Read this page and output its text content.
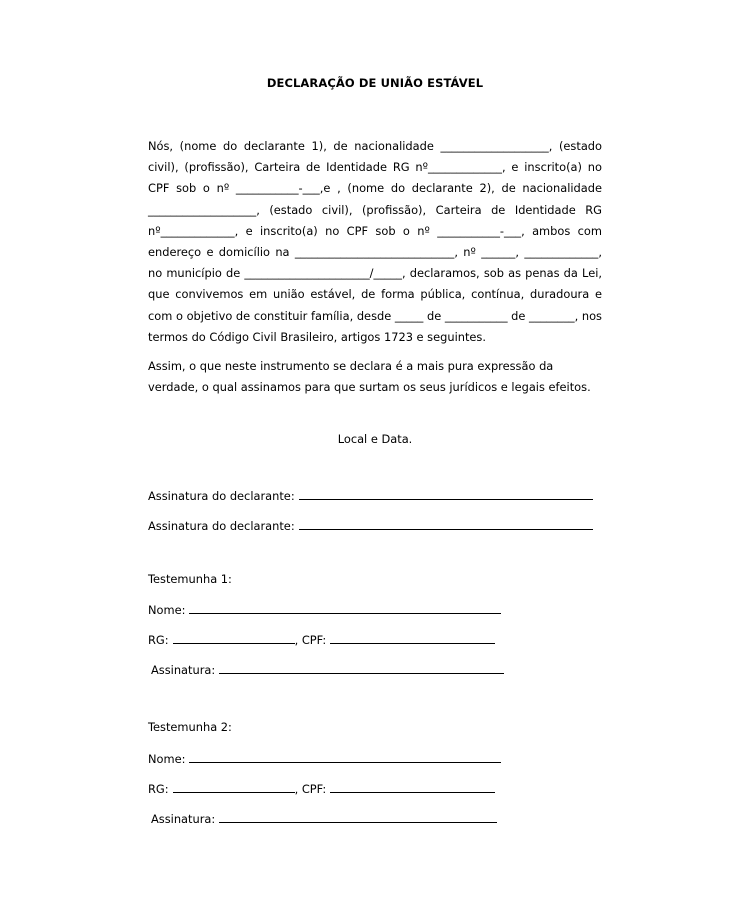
DECLARAÇÃO DE UNIÃO ESTÁVEL

Nós, (nome do declarante 1), de nacionalidade ___________________, (estado civil), (profissão), Carteira de Identidade RG nº_____________, e inscrito(a) no CPF sob o nº ___________-___,e , (nome do declarante 2), de nacionalidade ___________________, (estado civil), (profissão), Carteira de Identidade RG nº_____________, e inscrito(a) no CPF sob o nº ___________-___, ambos com endereço e domicílio na ____________________________, nº ______, _____________, no município de ______________________/_____, declaramos, sob as penas da Lei, que convivemos em união estável, de forma pública, contínua, duradoura e com o objetivo de constituir família, desde _____ de ___________ de ________, nos termos do Código Civil Brasileiro, artigos 1723 e seguintes.

Assim, o que neste instrumento se declara é a mais pura expressão da verdade, o qual assinamos para que surtam os seus jurídicos e legais efeitos.
Local e Data.
Assinatura do declarante:
Assinatura do declarante:
Testemunha 1:
Nome:
RG:	, CPF:
Assinatura:
Testemunha 2:
Nome:
RG:	, CPF:
Assinatura:
